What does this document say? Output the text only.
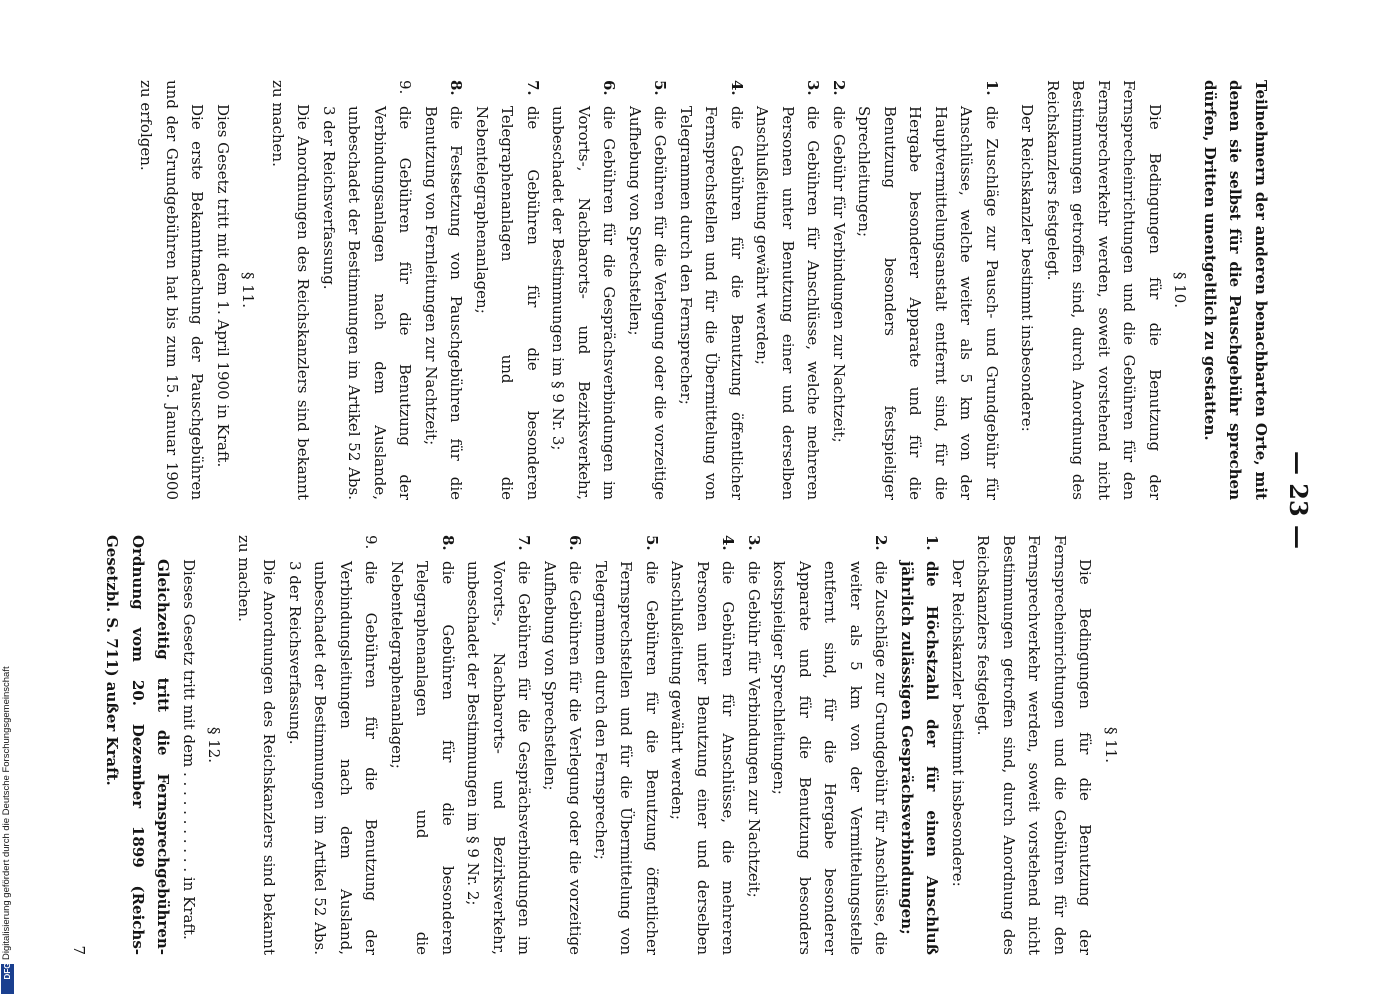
Digitalisierung gefördert durch die Deutsche Forschungsgemeinschaft
DFG
— 23 —

Teilnehmern der anderen benachbarten Orte, mit denen sie selbst für die Pauschgebühr sprechen dürfen, Dritten unentgeltlich zu gestatten.

§ 10.

Die Bedingungen für die Benutzung der Fernsprecheinrichtungen und die Gebühren für den Fernsprechverkehr werden, soweit vorstehend nicht Bestimmungen getroffen sind, durch Anordnung des Reichskanzlers festgelegt.

Der Reichskanzler bestimmt insbesondere:

1.
die Zuschläge zur Pausch- und Grundgebühr für Anschlüsse, welche weiter als 5 km von der Hauptvermittelungsanstalt entfernt sind, für die Hergabe besonderer Apparate und für die Benutzung besonders festspieliger Sprechleitungen;
2.
die Gebühr für Verbindungen zur Nachtzeit;
3.
die Gebühren für Anschlüsse, welche mehreren Personen unter Benutzung einer und derselben Anschlußleitung gewährt werden;
4.
die Gebühren für die Benutzung öffentlicher Fernsprechstellen und für die Übermittelung von Telegrammen durch den Fernsprecher;
5.
die Gebühren für die Verlegung oder die vorzeitige Aufhebung von Sprechstellen;
6.
die Gebühren für die Gesprächsverbindungen im Vororts-, Nachbarorts- und Bezirksverkehr, unbeschadet der Bestimmungen im § 9 Nr. 3;
7.
die Gebühren für die besonderen Telegraphenanlagen und die Nebentelegraphenanlagen;
8.
die Festsetzung von Pauschgebühren für die Benutzung von Fernleitungen zur Nachtzeit;
9.
die Gebühren für die Benutzung der Verbindungsanlagen nach dem Auslande, unbeschadet der Bestimmungen im Artikel 52 Abs. 3 der Reichsverfassung.

Die Anordnungen des Reichskanzlers sind bekannt zu machen.

§ 11.

Dies Gesetz tritt mit dem 1. April 1900 in Kraft.

Die erste Bekanntmachung der Pauschgebühren und der Grundgebühren hat bis zum 15. Januar 1900 zu erfolgen.

§ 11.

Die Bedingungen für die Benutzung der Fernsprecheinrichtungen und die Gebühren für den Fernsprechverkehr werden, soweit vorstehend nicht Bestimmungen getroffen sind, durch Anordnung des Reichskanzlers festgelegt.

Der Reichskanzler bestimmt insbesondere:

1.
die Höchstzahl der für einen Anschluß jährlich zulässigen Gesprächsverbindungen;
2.
die Zuschläge zur Grundgebühr für Anschlüsse, die weiter als 5 km von der Vermittelungsstelle entfernt sind, für die Hergabe besonderer Apparate und für die Benutzung besonders kostspieliger Sprechleitungen;
3.
die Gebühr für Verbindungen zur Nachtzeit;
4.
die Gebühren für Anschlüsse, die mehreren Personen unter Benutzung einer und derselben Anschlußleitung gewährt werden;
5.
die Gebühren für die Benutzung öffentlicher Fernsprechstellen und für die Übermittelung von Telegrammen durch den Fernsprecher;
6.
die Gebühren für die Verlegung oder die vorzeitige Aufhebung von Sprechstellen;
7.
die Gebühren für die Gesprächsverbindungen im Vororts-, Nachbarorts- und Bezirksverkehr, unbeschadet der Bestimmungen im § 9 Nr. 2;
8.
die Gebühren für die besonderen Telegraphenanlagen und die Nebentelegraphenanlagen;
9.
die Gebühren für die Benutzung der Verbindungsleitungen nach dem Ausland, unbeschadet der Bestimmungen im Artikel 52 Abs. 3 der Reichsverfassung.

Die Anordnungen des Reichskanzlers sind bekannt zu machen.

§ 12.

Dieses Gesetz tritt mit dem . . . . . . . . . . . in Kraft.

Gleichzeitig tritt die Fernsprechgebühren-Ordnung vom 20. Dezember 1899 (Reichs-Gesetzbl. S. 711) außer Kraft.

7
